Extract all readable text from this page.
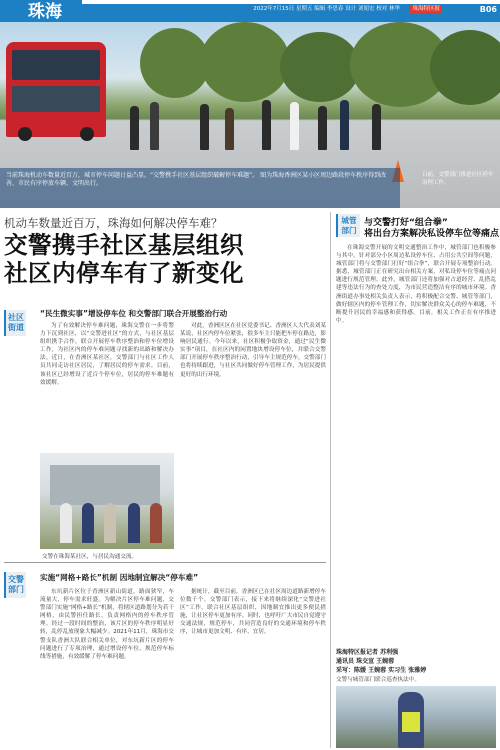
珠海	珠海特区报
2022年7月15日 星期五 编辑 李思春 设计 刘娟宏 校对 林华	B06
当前珠海机动车数量近百万，城市停车问题日益凸显。“交警携手社区基层组织破解停车难题”。 图为珠海香洲区某小区周边路段停车秩序得到改善，市民有序停放车辆、文明出行。
日前，交警部门推进社区停车治理工作。
机动车数量近百万，珠海如何解决停车难？
交警携手社区基层组织
社区内停车有了新变化
社区街道
“民生微实事”增设停车位 和交警部门联合开展整治行动
为了有效解决停车难问题，珠海交警在一步将警力下沉到社区，以“交警进社区”的方式，与社区基层组织携手合作，联合开展停车秩序整治和停车位增设工作，为社区内的停车难问题寻找新的出路和解决办法。近日，在香洲区某社区，交警部门与社区工作人员共同走访社区居民，了解居民的停车需求。目前，该社区已经增设了近百个停车位，居民的停车难题有效缓解。
对此，香洲区区在社区党委书记、香洲区人大代表刘某某说，社区内停车位紧张，很多车主只能把车停在路边，影响居民通行。今年以来，社区积极争取资金，通过“民生微实事”项目，在社区内的闲置地块增设停车位，并联合交警部门开展停车秩序整治行动，引导车主规范停车。交警部门也将持续跟进，与社区共同做好停车管理工作，为居民提供更好的出行环境。
交警在珠海某社区，与居民沟通交流。
交警部门
实施“网格+路长”机制 因地制宜解决“停车难”
东坑新片区位于香洲区新山街道，路面狭窄，车流量大，停车需求旺盛。为解决片区停车难问题，交警部门实施“网格+路长”机制，将辖区道路划分为若干网格，由民警担任路长，负责网格内的停车秩序管理。经过一段时间的整治，该片区的停车秩序明显好转，乱停乱放现象大幅减少。2021年11月，珠海市交警支队香洲大队联合相关单位，对东坑新片区的停车问题进行了专项治理，通过增设停车位、规范停车标线等措施，有效缓解了停车难问题。
据统计，截至目前，香洲区已在社区周边道路新增停车位数千个。交警部门表示，接下来将继续深化“交警进社区”工作，联合社区基层组织，因地制宜推出更多便民措施，让社区停车更加有序。同时，也呼吁广大市民自觉遵守交通法规，规范停车，共同营造良好的交通环境和停车秩序，让城市更加文明、有序、宜居。
城管部门
与交警打好“组合拳”
将出台方案解决私设停车位等痛点
在珠海交警开展的文明交通整治工作中，城管部门也积极参与其中。针对部分小区周边私设停车位、占用公共空间等问题，城管部门将与交警部门打好“组合拳”，联合开展专项整治行动。据悉，城管部门正在研究出台相关方案，对私设停车位等痛点问题进行规范管理。此外，城管部门还将加强对占道经营、乱搭乱建等违法行为的查处力度，为市民营造整洁有序的城市环境。香洲街道办事处相关负责人表示，将积极配合交警、城管等部门，做好辖区内的停车管理工作，切实解决群众关心的停车难题，不断提升居民的幸福感和获得感。目前，相关工作正在有序推进中。
珠海特区报记者 苏利强
通讯员 珠交宣 王婉蓉
采写：陈媛 王婉蓉 实习生 张雅婷
交警与城管部门联合巡查执法中。
